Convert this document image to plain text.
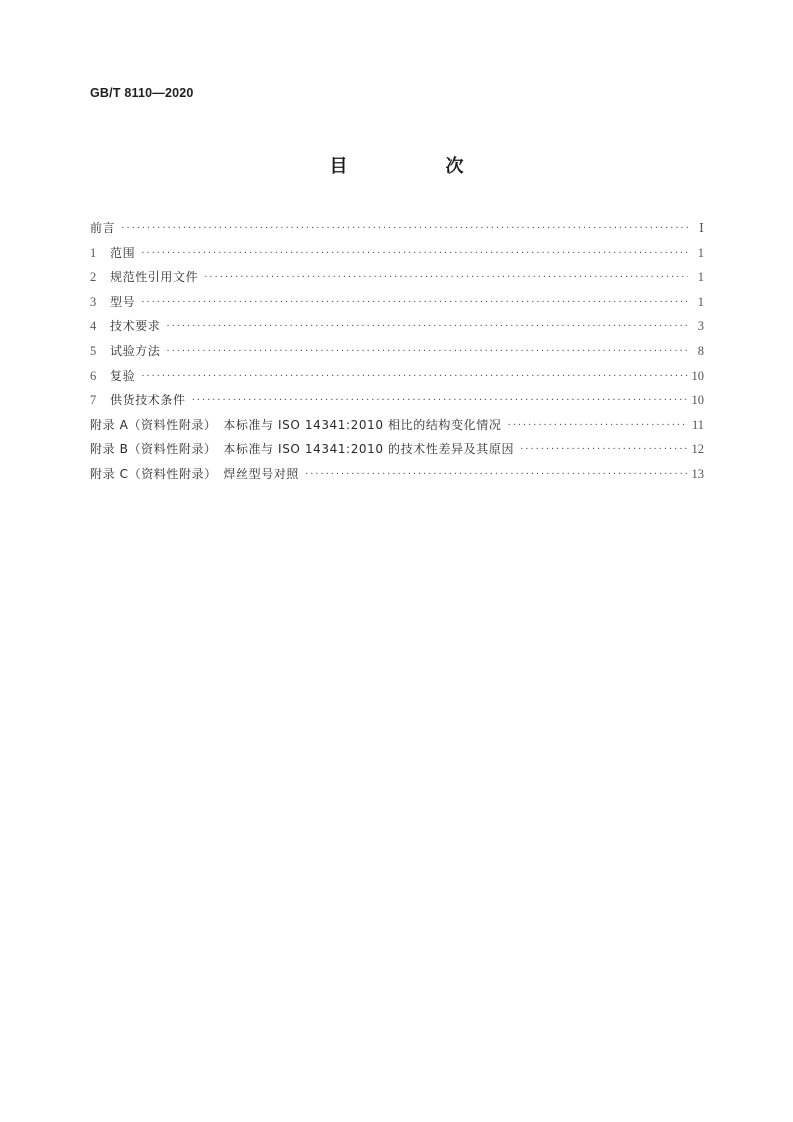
GB/T 8110—2020
目　次
前言 ·····	Ⅰ
1	范围 ·····	1
2	规范性引用文件 ·····	1
3	型号 ·····	1
4	技术要求 ·····	3
5	试验方法 ·····	8
6	复验 ·····	10
7	供货技术条件 ·····	10
附录 A（资料性附录）　本标准与 ISO 14341:2010 相比的结构变化情况 ·····	11
附录 B（资料性附录）　本标准与 ISO 14341:2010 的技术性差异及其原因 ·····	12
附录 C（资料性附录）　焊丝型号对照 ·····	13
